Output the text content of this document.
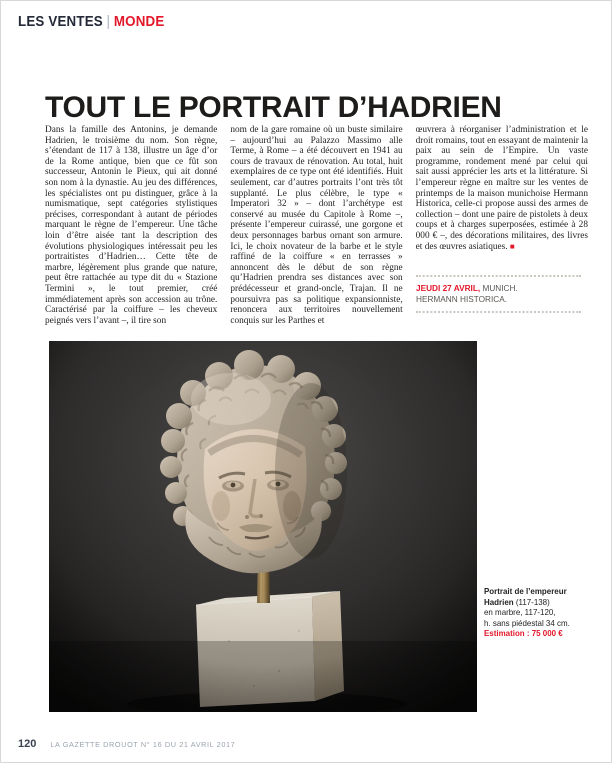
LES VENTES | MONDE
TOUT LE PORTRAIT D’HADRIEN

Dans la famille des Antonins, je demande Hadrien, le troisième du nom. Son règne, s’étendant de 117 à 138, illustre un âge d’or de la Rome antique, bien que ce fût son successeur, Antonin le Pieux, qui ait donné son nom à la dynastie. Au jeu des différences, les spécialistes ont pu distinguer, grâce à la numismatique, sept catégories stylistiques précises, correspondant à autant de périodes marquant le règne de l’empereur. Une tâche loin d’être aisée tant la description des évolutions physiologiques intéressait peu les portraitistes d’Hadrien… Cette tête de marbre, légèrement plus grande que nature, peut être rattachée au type dit du « Stazione Termini », le tout premier, créé immédiatement après son accession au trône. Caractérisé par la coiffure – les cheveux peignés vers l’avant –, il tire son

nom de la gare romaine où un buste similaire – aujourd’hui au Palazzo Massimo alle Terme, à Rome – a été découvert en 1941 au cours de travaux de rénovation. Au total, huit exemplaires de ce type ont été identifiés. Huit seulement, car d’autres portraits l’ont très tôt supplanté. Le plus célèbre, le type « Imperatori 32 » – dont l’archétype est conservé au musée du Capitole à Rome –, présente l’empereur cuirassé, une gorgone et deux personnages barbus ornant son armure. Ici, le choix novateur de la barbe et le style raffiné de la coiffure « en terrasses » annoncent dès le début de son règne qu’Hadrien prendra ses distances avec son prédécesseur et grand-oncle, Trajan. Il ne poursuivra pas sa politique expansionniste, renoncera aux territoires nouvellement conquis sur les Parthes et

œuvrera à réorganiser l’administration et le droit romains, tout en essayant de maintenir la paix au sein de l’Empire. Un vaste programme, rondement mené par celui qui sait aussi apprécier les arts et la littérature. Si l’empereur règne en maître sur les ventes de printemps de la maison munichoise Hermann Historica, celle-ci propose aussi des armes de collection – dont une paire de pistolets à deux coups et à charges superposées, estimée à 28 000 € –, des décorations militaires, des livres et des œuvres asiatiques. ■

JEUDI 27 AVRIL, MUNICH.
HERMANN HISTORICA.
Portrait de l’empereur
Hadrien (117-138)
en marbre, 117-120,
h. sans piédestal 34 cm.
Estimation : 75 000 €
120 LA GAZETTE DROUOT N° 16 DU 21 AVRIL 2017
